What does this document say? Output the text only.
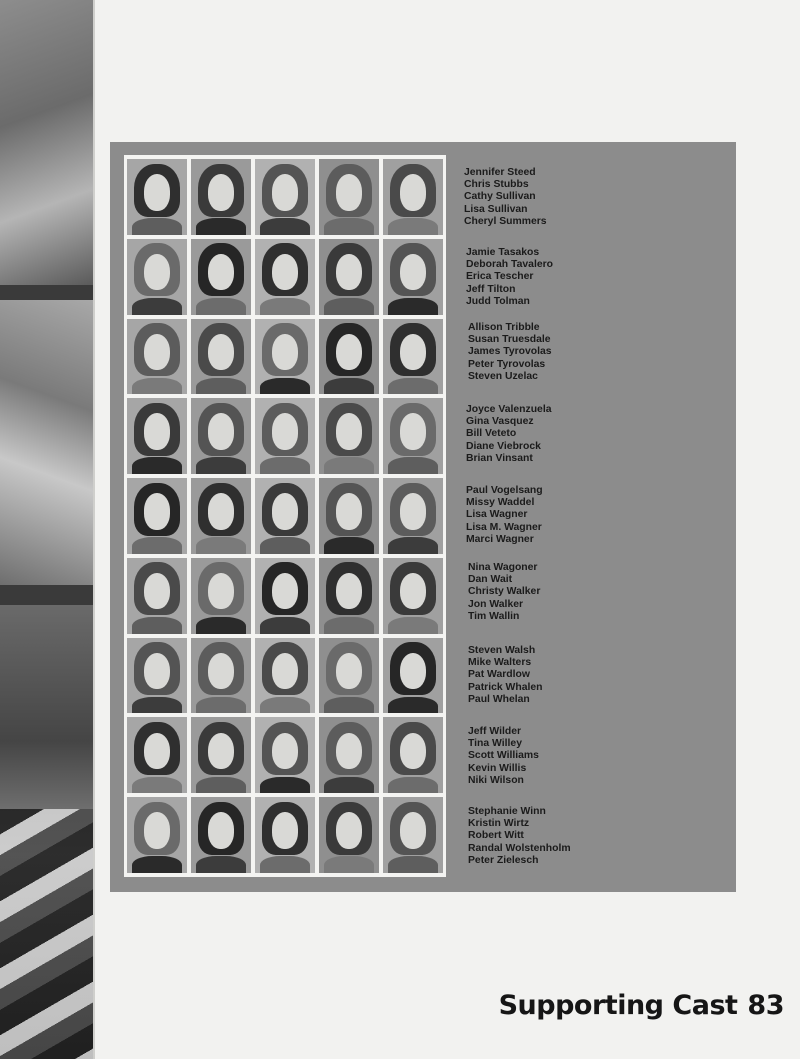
Jennifer Steed
Chris Stubbs
Cathy Sullivan
Lisa Sullivan
Cheryl Summers
Jamie Tasakos
Deborah Tavalero
Erica Tescher
Jeff Tilton
Judd Tolman
Allison Tribble
Susan Truesdale
James Tyrovolas
Peter Tyrovolas
Steven Uzelac
Joyce Valenzuela
Gina Vasquez
Bill Veteto
Diane Viebrock
Brian Vinsant
Paul Vogelsang
Missy Waddel
Lisa Wagner
Lisa M. Wagner
Marci Wagner
Nina Wagoner
Dan Wait
Christy Walker
Jon Walker
Tim Wallin
Steven Walsh
Mike Walters
Pat Wardlow
Patrick Whalen
Paul Whelan
Jeff Wilder
Tina Willey
Scott Williams
Kevin Willis
Niki Wilson
Stephanie Winn
Kristin Wirtz
Robert Witt
Randal Wolstenholm
Peter Zielesch
Supporting Cast 83
